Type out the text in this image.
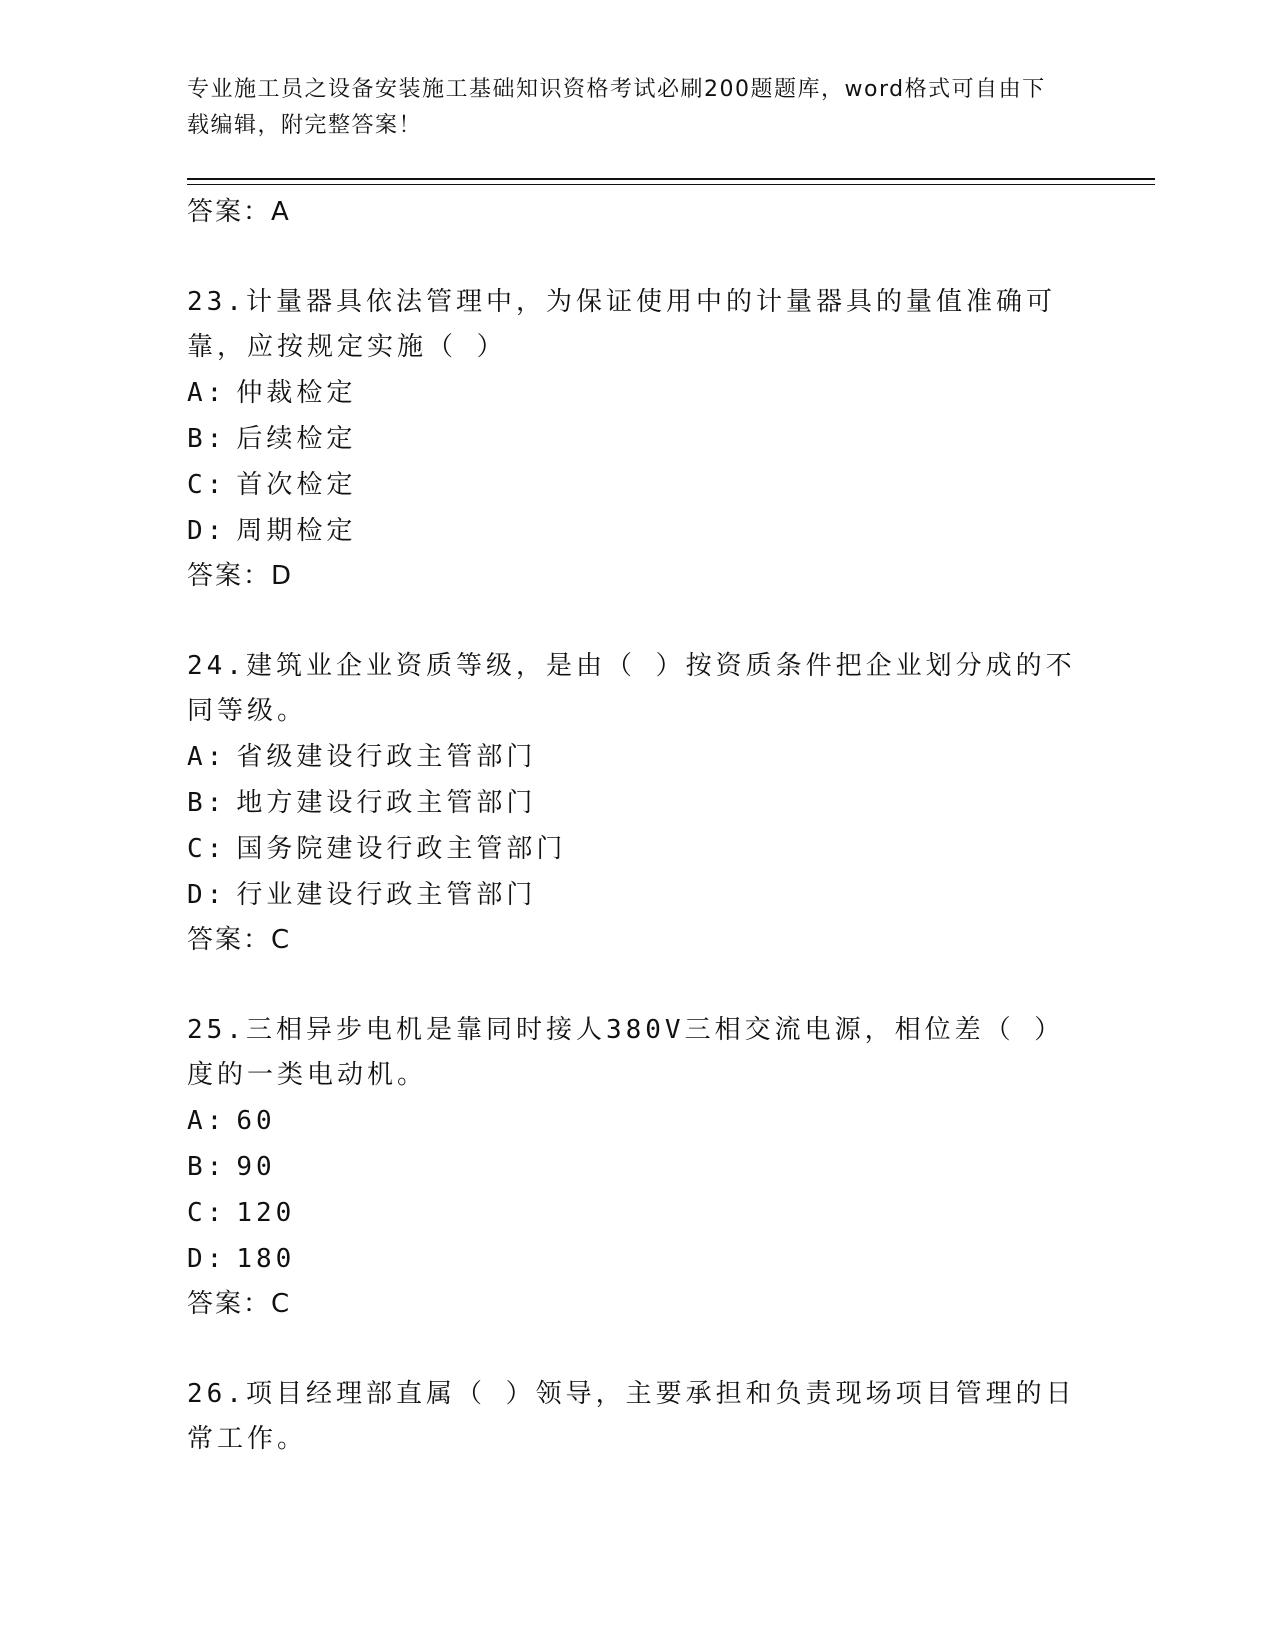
专业施工员之设备安装施工基础知识资格考试必刷200题题库，word格式可自由下载编辑，附完整答案！
答案：A
23.计量器具依法管理中，为保证使用中的计量器具的量值准确可靠，应按规定实施（ ）
A: 仲裁检定
B: 后续检定
C: 首次检定
D: 周期检定
答案：D
24.建筑业企业资质等级，是由（ ）按资质条件把企业划分成的不同等级。
A: 省级建设行政主管部门
B: 地方建设行政主管部门
C: 国务院建设行政主管部门
D: 行业建设行政主管部门
答案：C
25.三相异步电机是靠同时接人380V三相交流电源，相位差（ ）度的一类电动机。
A: 60
B: 90
C: 120
D: 180
答案：C
26.项目经理部直属（ ）领导，主要承担和负责现场项目管理的日常工作。
